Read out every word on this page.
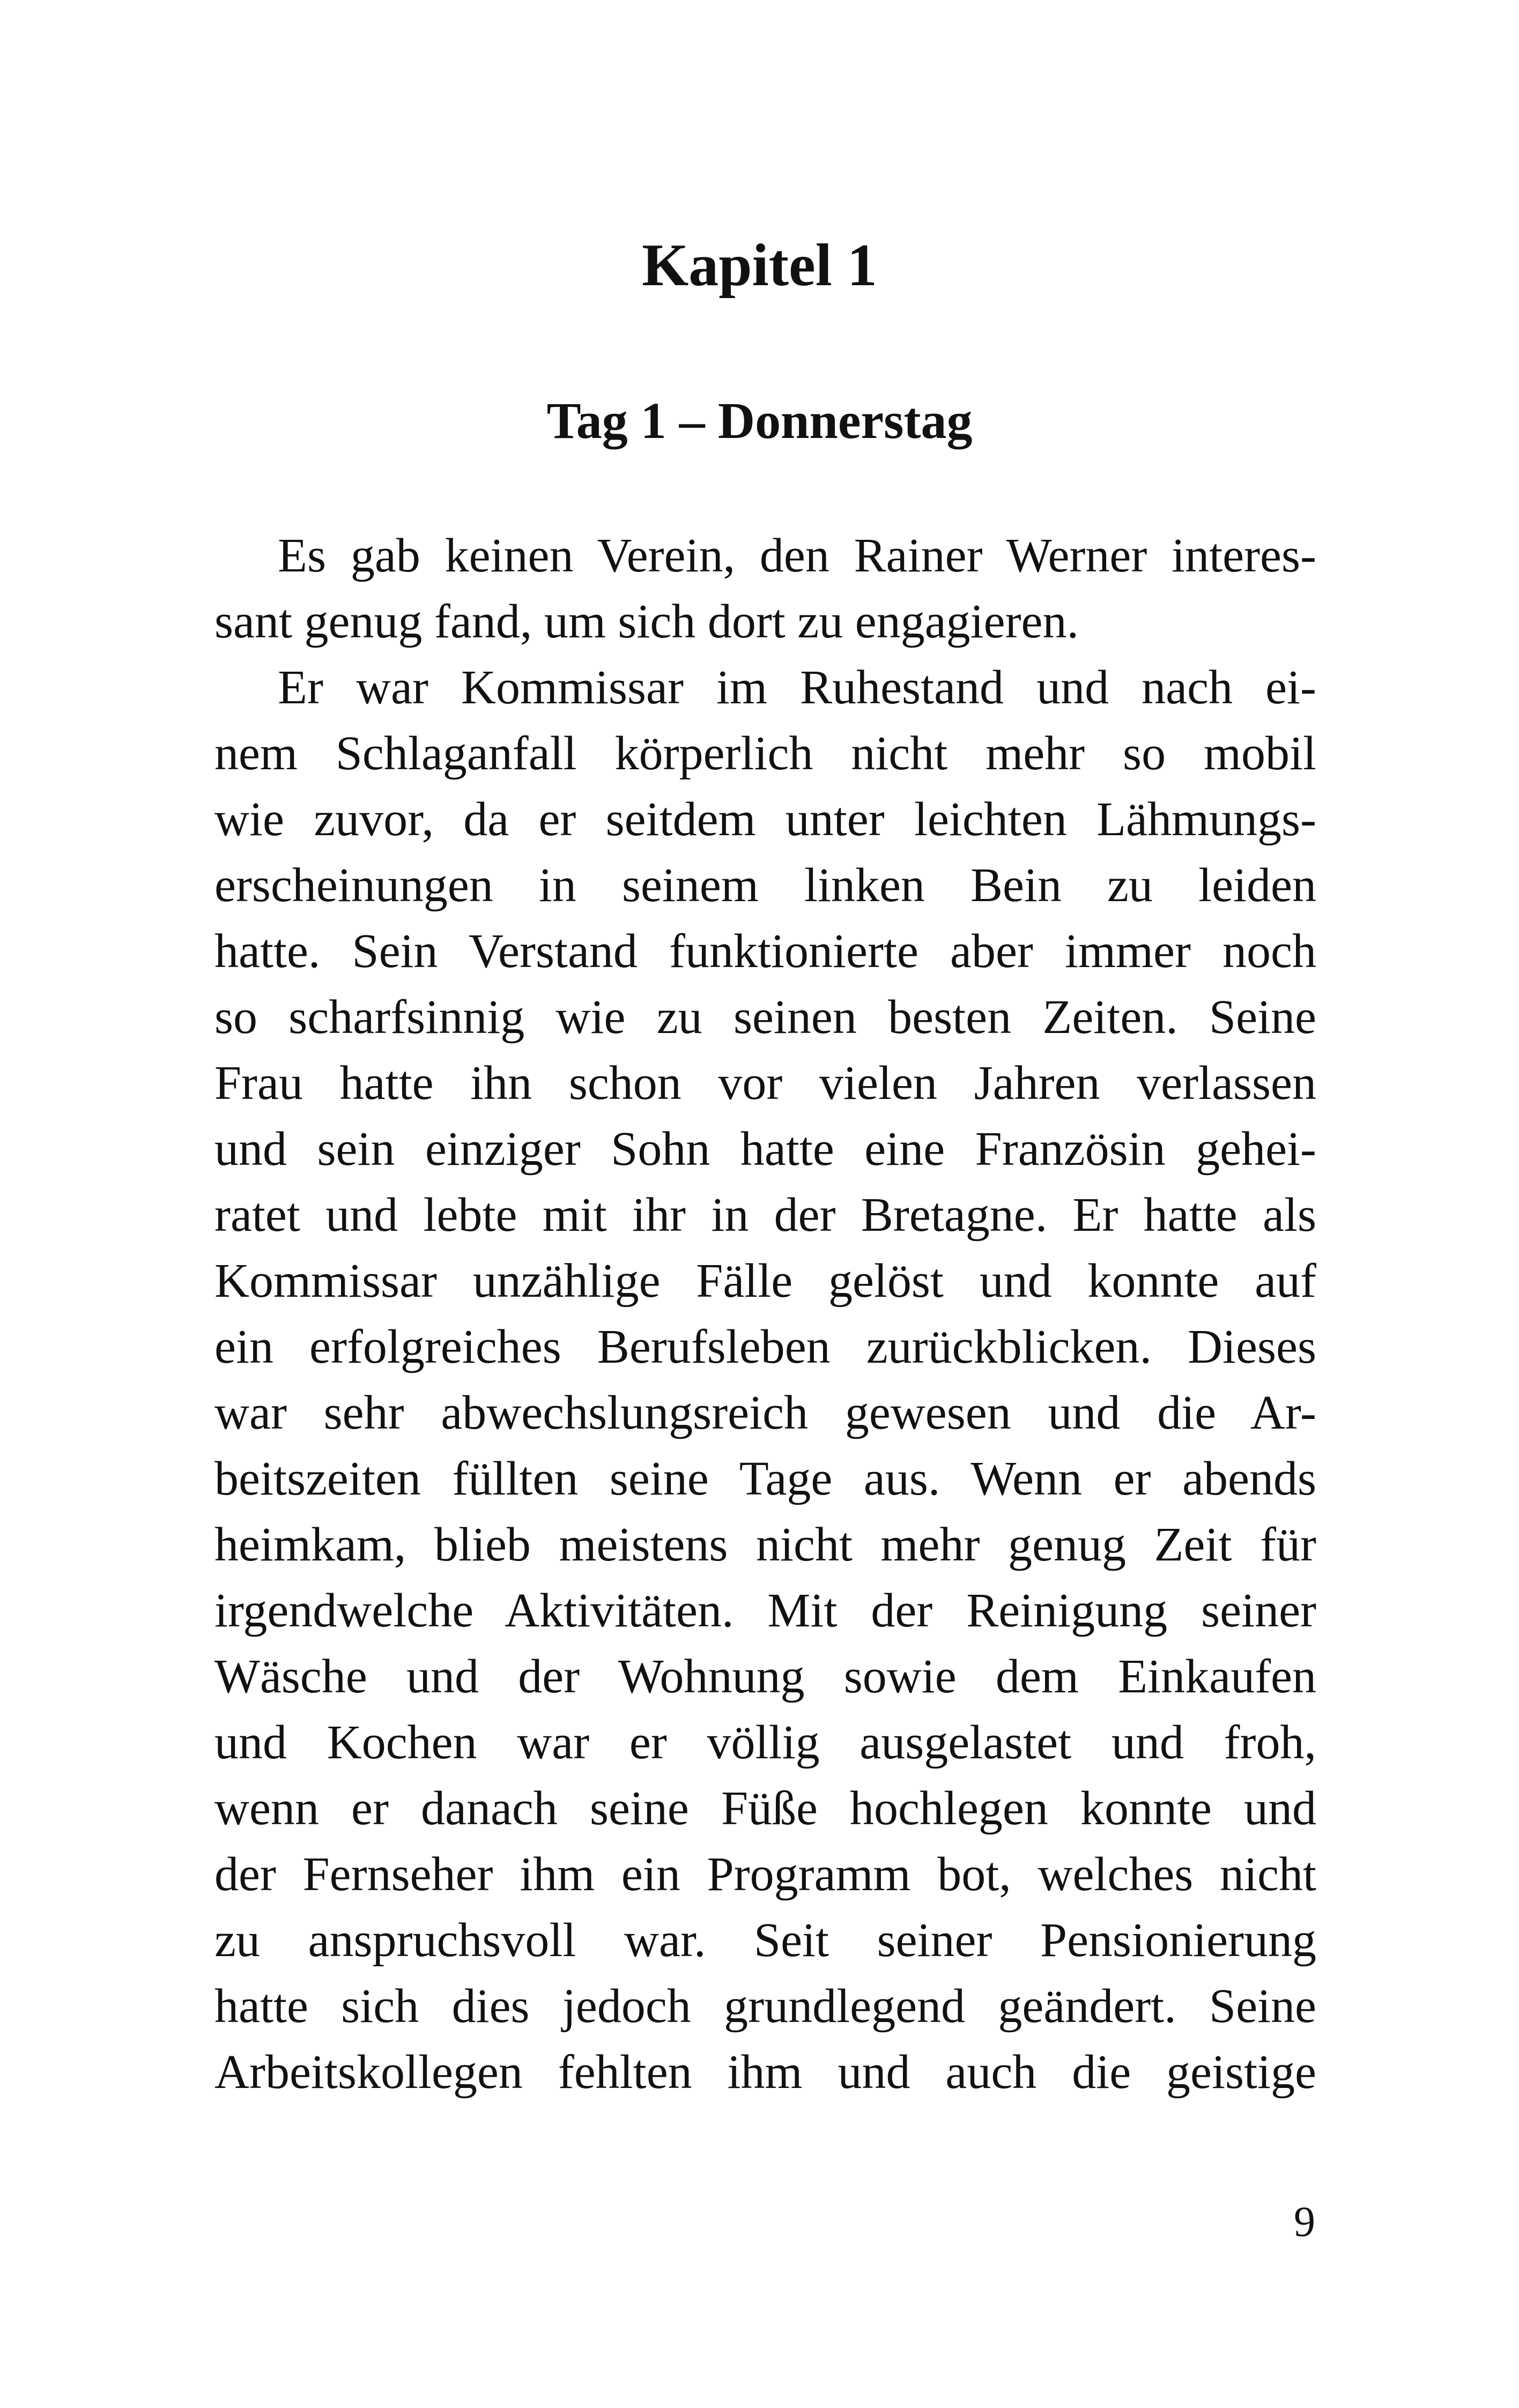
Kapitel 1
Tag 1 – Donnerstag
Es gab keinen Verein, den Rainer Werner interes-
sant genug fand, um sich dort zu engagieren.
Er war Kommissar im Ruhestand und nach ei-
nem Schlaganfall körperlich nicht mehr so mobil
wie zuvor, da er seitdem unter leichten Lähmungs-
erscheinungen in seinem linken Bein zu leiden
hatte. Sein Verstand funktionierte aber immer noch
so scharfsinnig wie zu seinen besten Zeiten. Seine
Frau hatte ihn schon vor vielen Jahren verlassen
und sein einziger Sohn hatte eine Französin gehei-
ratet und lebte mit ihr in der Bretagne. Er hatte als
Kommissar unzählige Fälle gelöst und konnte auf
ein erfolgreiches Berufsleben zurückblicken. Dieses
war sehr abwechslungsreich gewesen und die Ar-
beitszeiten füllten seine Tage aus. Wenn er abends
heimkam, blieb meistens nicht mehr genug Zeit für
irgendwelche Aktivitäten. Mit der Reinigung seiner
Wäsche und der Wohnung sowie dem Einkaufen
und Kochen war er völlig ausgelastet und froh,
wenn er danach seine Füße hochlegen konnte und
der Fernseher ihm ein Programm bot, welches nicht
zu anspruchsvoll war. Seit seiner Pensionierung
hatte sich dies jedoch grundlegend geändert. Seine
Arbeitskollegen fehlten ihm und auch die geistige
9
